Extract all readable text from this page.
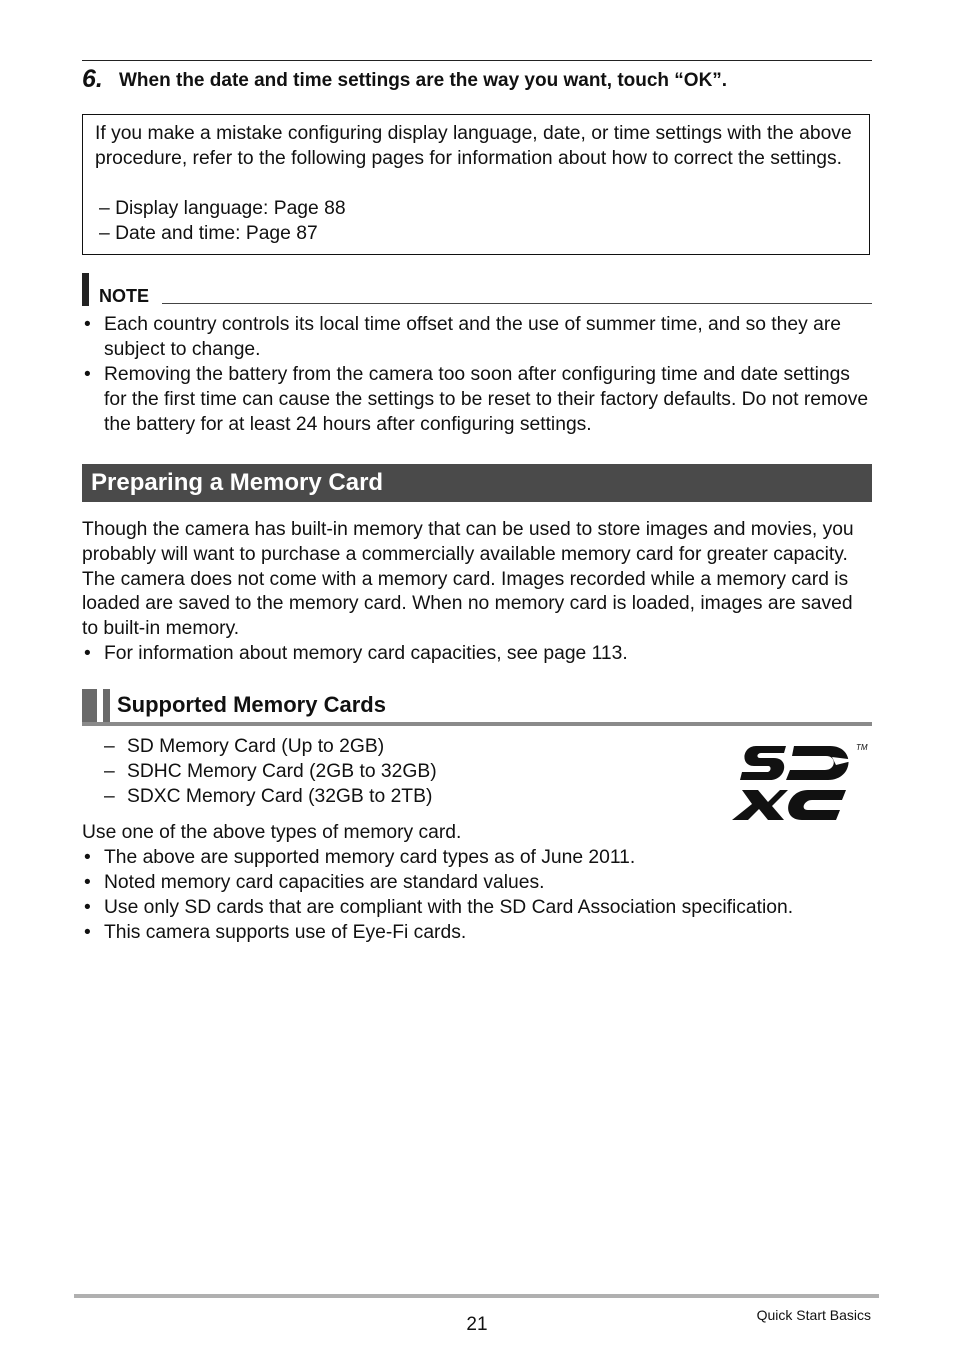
6. When the date and time settings are the way you want, touch “OK”.
If you make a mistake configuring display language, date, or time settings with the above procedure, refer to the following pages for information about how to correct the settings.
– Display language: Page 88
– Date and time: Page 87
NOTE
• Each country controls its local time offset and the use of summer time, and so they are subject to change.
• Removing the battery from the camera too soon after configuring time and date settings for the first time can cause the settings to be reset to their factory defaults. Do not remove the battery for at least 24 hours after configuring settings.
Preparing a Memory Card
Though the camera has built-in memory that can be used to store images and movies, you probably will want to purchase a commercially available memory card for greater capacity. The camera does not come with a memory card. Images recorded while a memory card is loaded are saved to the memory card. When no memory card is loaded, images are saved to built-in memory.
• For information about memory card capacities, see page 113.
Supported Memory Cards
– SD Memory Card (Up to 2GB)
– SDHC Memory Card (2GB to 32GB)
– SDXC Memory Card (32GB to 2TB)
TM
Use one of the above types of memory card.
• The above are supported memory card types as of June 2011.
• Noted memory card capacities are standard values.
• Use only SD cards that are compliant with the SD Card Association specification.
• This camera supports use of Eye-Fi cards.
21	Quick Start Basics
